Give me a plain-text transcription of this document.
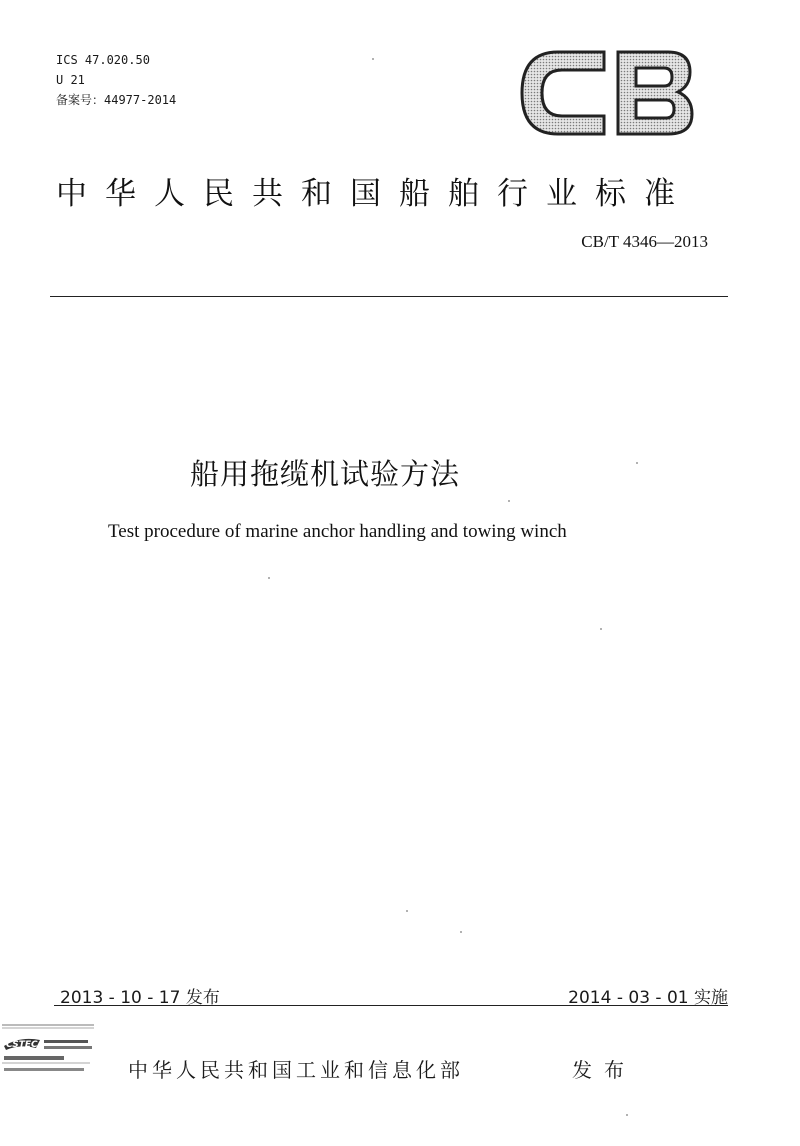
ICS 47.020.50
U 21
备案号：44977-2014
中华人民共和国船舶行业标准
CB/T 4346—2013
船用拖缆机试验方法
Test procedure of marine anchor handling and towing winch
2013 - 10 - 17 发布	2014 - 03 - 01 实施
中华人民共和国工业和信息化部	发布
CSTEC
